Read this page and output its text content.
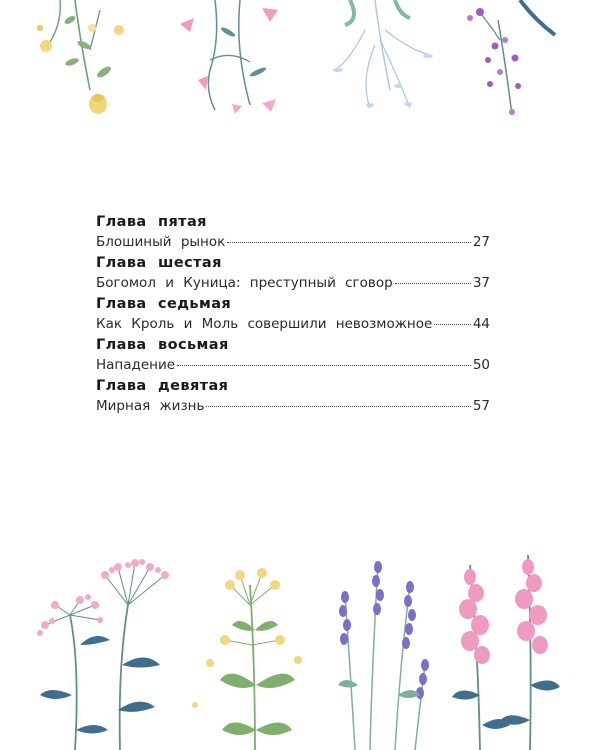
Глава пятая
Блошиный рынок	27
Глава шестая
Богомол и Куница: преступный сговор	37
Глава седьмая
Как Кроль и Моль совершили невозможное	44
Глава восьмая
Нападение	50
Глава девятая
Мирная жизнь	57
